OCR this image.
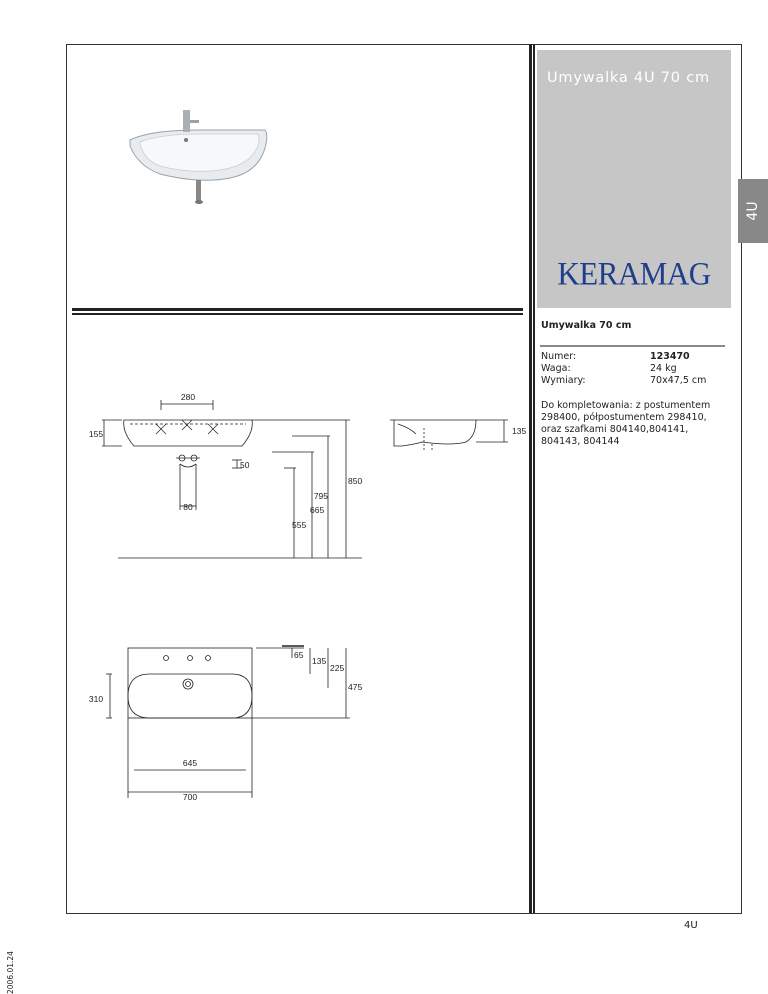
Umywalka 4U 70 cm
KERAMAG
4U
Umywalka 70 cm
Numer:	123470
Waga:	24 kg
Wymiary:	70x47,5 cm
Do kompletowania: z postumentem 298400, półpostumentem 298410, oraz szafkami 804140,804141, 804143, 804144
280
155
50
80
850
795
665
555
135
65
135
225
475
310
645
700
4U
2006.01.24
